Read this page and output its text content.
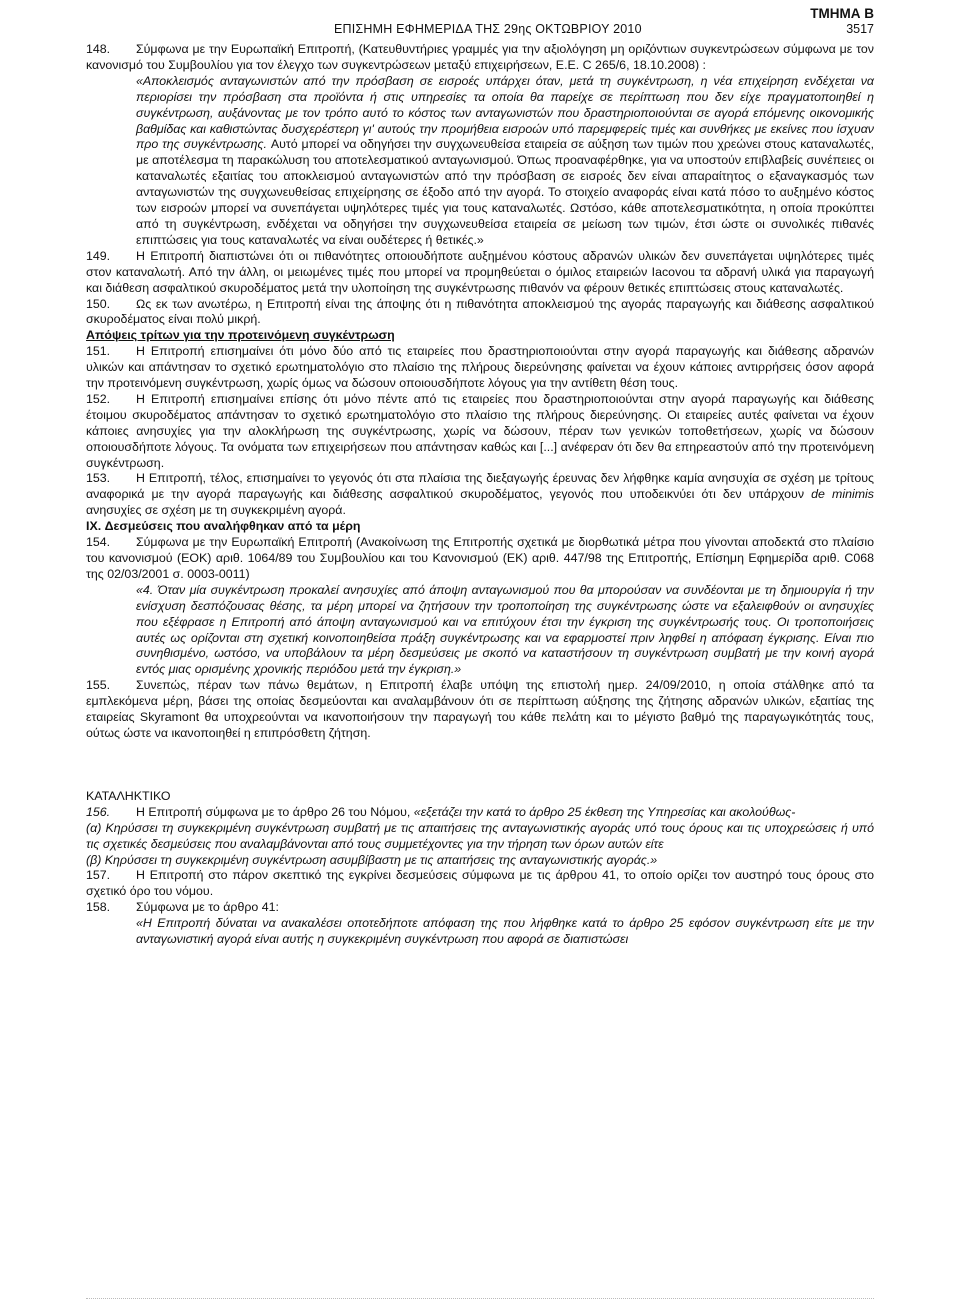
ΕΠΙΣΗΜΗ ΕΦΗΜΕΡΙΔΑ ΤΗΣ 29ης ΟΚΤΩΒΡΙΟΥ 2010
ΤΜΗΜΑ Β
3517

148. Σύμφωνα με την Ευρωπαϊκή Επιτροπή, (Κατευθυντήριες γραμμές για την αξιολόγηση μη οριζόντιων συγκεντρώσεων σύμφωνα με τον κανονισμό του Συμβουλίου για τον έλεγχο των συγκεντρώσεων μεταξύ επιχειρήσεων, Ε.Ε. C 265/6, 18.10.2008) :

«Αποκλεισμός ανταγωνιστών από την πρόσβαση σε εισροές υπάρχει όταν, μετά τη συγκέντρωση, η νέα επιχείρηση ενδέχεται να περιορίσει την πρόσβαση στα προϊόντα ή στις υπηρεσίες τα οποία θα παρείχε σε περίπτωση που δεν είχε πραγματοποιηθεί η συγκέντρωση, αυξάνοντας με τον τρόπο αυτό το κόστος των ανταγωνιστών που δραστηριοποιούνται σε αγορά επόμενης οικονομικής βαθμίδας και καθιστώντας δυσχερέστερη γι' αυτούς την προμήθεια εισροών υπό παρεμφερείς τιμές και συνθήκες με εκείνες που ίσχυαν προ της συγκέντρωσης. Αυτό μπορεί να οδηγήσει την συγχωνευθείσα εταιρεία σε αύξηση των τιμών που χρεώνει στους καταναλωτές, με αποτέλεσμα τη παρακώλυση του αποτελεσματικού ανταγωνισμού. Όπως προαναφέρθηκε, για να υποστούν επιβλαβείς συνέπειες οι καταναλωτές εξαιτίας του αποκλεισμού ανταγωνιστών από την πρόσβαση σε εισροές δεν είναι απαραίτητος ο εξαναγκασμός των ανταγωνιστών της συγχωνευθείσας επιχείρησης σε έξοδο από την αγορά. Το στοιχείο αναφοράς είναι κατά πόσο το αυξημένο κόστος των εισροών μπορεί να συνεπάγεται υψηλότερες τιμές για τους καταναλωτές. Ωστόσο, κάθε αποτελεσματικότητα, η οποία προκύπτει από τη συγκέντρωση, ενδέχεται να οδηγήσει την συγχωνευθείσα εταιρεία σε μείωση των τιμών, έτσι ώστε οι συνολικές πιθανές επιπτώσεις για τους καταναλωτές να είναι ουδέτερες ή θετικές.»

149. Η Επιτροπή διαπιστώνει ότι οι πιθανότητες οποιουδήποτε αυξημένου κόστους αδρανών υλικών δεν συνεπάγεται υψηλότερες τιμές στον καταναλωτή. Από την άλλη, οι μειωμένες τιμές που μπορεί να προμηθεύεται ο όμιλος εταιρειών Iacovou τα αδρανή υλικά για παραγωγή και διάθεση ασφαλτικού σκυροδέματος μετά την υλοποίηση της συγκέντρωσης πιθανόν να φέρουν θετικές επιπτώσεις στους καταναλωτές.

150. Ως εκ των ανωτέρω, η Επιτροπή είναι της άποψης ότι η πιθανότητα αποκλεισμού της αγοράς παραγωγής και διάθεσης ασφαλτικού σκυροδέματος είναι πολύ μικρή.

Απόψεις τρίτων για την προτεινόμενη συγκέντρωση

151. Η Επιτροπή επισημαίνει ότι μόνο δύο από τις εταιρείες που δραστηριοποιούνται στην αγορά παραγωγής και διάθεσης αδρανών υλικών και απάντησαν το σχετικό ερωτηματολόγιο στο πλαίσιο της πλήρους διερεύνησης φαίνεται να έχουν κάποιες αντιρρήσεις όσον αφορά την προτεινόμενη συγκέντρωση, χωρίς όμως να δώσουν οποιουσδήποτε λόγους για την αντίθετη θέση τους.

152. Η Επιτροπή επισημαίνει επίσης ότι μόνο πέντε από τις εταιρείες που δραστηριοποιούνται στην αγορά παραγωγής και διάθεσης έτοιμου σκυροδέματος απάντησαν το σχετικό ερωτηματολόγιο στο πλαίσιο της πλήρους διερεύνησης. Οι εταιρείες αυτές φαίνεται να έχουν κάποιες ανησυχίες για την αλοκλήρωση της συγκέντρωσης, χωρίς να δώσουν, πέραν των γενικών τοποθετήσεων, χωρίς να δώσουν οποιουσδήποτε λόγους. Τα ονόματα των επιχειρήσεων που απάντησαν καθώς και [...] ανέφεραν ότι δεν θα επηρεαστούν από την προτεινόμενη συγκέντρωση.

153. Η Επιτροπή, τέλος, επισημαίνει το γεγονός ότι στα πλαίσια της διεξαγωγής έρευνας δεν λήφθηκε καμία ανησυχία σε σχέση με τρίτους αναφορικά με την αγορά παραγωγής και διάθεσης ασφαλτικού σκυροδέματος, γεγονός που υποδεικνύει ότι δεν υπάρχουν de minimis ανησυχίες σε σχέση με τη συγκεκριμένη αγορά.

IX. Δεσμεύσεις που αναλήφθηκαν από τα μέρη

154. Σύμφωνα με την Ευρωπαϊκή Επιτροπή (Ανακοίνωση της Επιτροπής σχετικά με διορθωτικά μέτρα που γίνονται αποδεκτά στο πλαίσιο του κανονισμού (ΕΟΚ) αριθ. 1064/89 του Συμβουλίου και του Κανονισμού (ΕΚ) αριθ. 447/98 της Επιτροπής, Επίσημη Εφημερίδα αριθ. C068 της 02/03/2001 σ. 0003-0011)

«4. Όταν μία συγκέντρωση προκαλεί ανησυχίες από άποψη ανταγωνισμού που θα μπορούσαν να συνδέονται με τη δημιουργία ή την ενίσχυση δεσπόζουσας θέσης, τα μέρη μπορεί να ζητήσουν την τροποποίηση της συγκέντρωσης ώστε να εξαλειφθούν οι ανησυχίες που εξέφρασε η Επιτροπή από άποψη ανταγωνισμού και να επιτύχουν έτσι την έγκριση της συγκέντρωσής τους. Οι τροποποιήσεις αυτές ως ορίζονται στη σχετική κοινοποιηθείσα πράξη συγκέντρωσης και να εφαρμοστεί πριν ληφθεί η απόφαση έγκρισης. Είναι πιο συνηθισμένο, ωστόσο, να υποβάλουν τα μέρη δεσμεύσεις με σκοπό να καταστήσουν τη συγκέντρωση συμβατή με την κοινή αγορά εντός μιας ορισμένης χρονικής περιόδου μετά την έγκριση.»

155. Συνεπώς, πέραν των πάνω θεμάτων, η Επιτροπή έλαβε υπόψη της επιστολή ημερ. 24/09/2010, η οποία στάλθηκε από τα εμπλεκόμενα μέρη, βάσει της οποίας δεσμεύονται και αναλαμβάνουν ότι σε περίπτωση αύξησης της ζήτησης αδρανών υλικών, εξαιτίας της εταιρείας Skyramont θα υποχρεούνται να ικανοποιήσουν την παραγωγή του κάθε πελάτη και το μέγιστο βαθμό της παραγωγικότητάς τους, ούτως ώστε να ικανοποιηθεί η επιπρόσθετη ζήτηση.

ΚΑΤΑΛΗΚΤΙΚΟ

156. Η Επιτροπή σύμφωνα με το άρθρο 26 του Νόμου, «εξετάζει την κατά το άρθρο 25 έκθεση της Υπηρεσίας και ακολούθως-

(α) Κηρύσσει τη συγκεκριμένη συγκέντρωση συμβατή με τις απαιτήσεις της ανταγωνιστικής αγοράς υπό τους όρους και τις υποχρεώσεις ή υπό τις σχετικές δεσμεύσεις που αναλαμβάνονται από τους συμμετέχοντες για την τήρηση των όρων αυτών είτε

(β) Κηρύσσει τη συγκεκριμένη συγκέντρωση ασυμβίβαστη με τις απαιτήσεις της ανταγωνιστικής αγοράς.»

157. Η Επιτροπή στο πάρον σκεπτικό της εγκρίνει δεσμεύσεις σύμφωνα με τις άρθρου 41, το οποίο ορίζει τον αυστηρό τους όρους στο σχετικό όρο του νόμου.

158. Σύμφωνα με το άρθρο 41:

«Η Επιτροπή δύναται να ανακαλέσει οποτεδήποτε απόφαση της που λήφθηκε κατά το άρθρο 25 εφόσον συγκέντρωση είτε με την ανταγωνιστική αγορά είναι αυτής η συγκεκριμένη συγκέντρωση που αφορά σε διαπιστώσει
